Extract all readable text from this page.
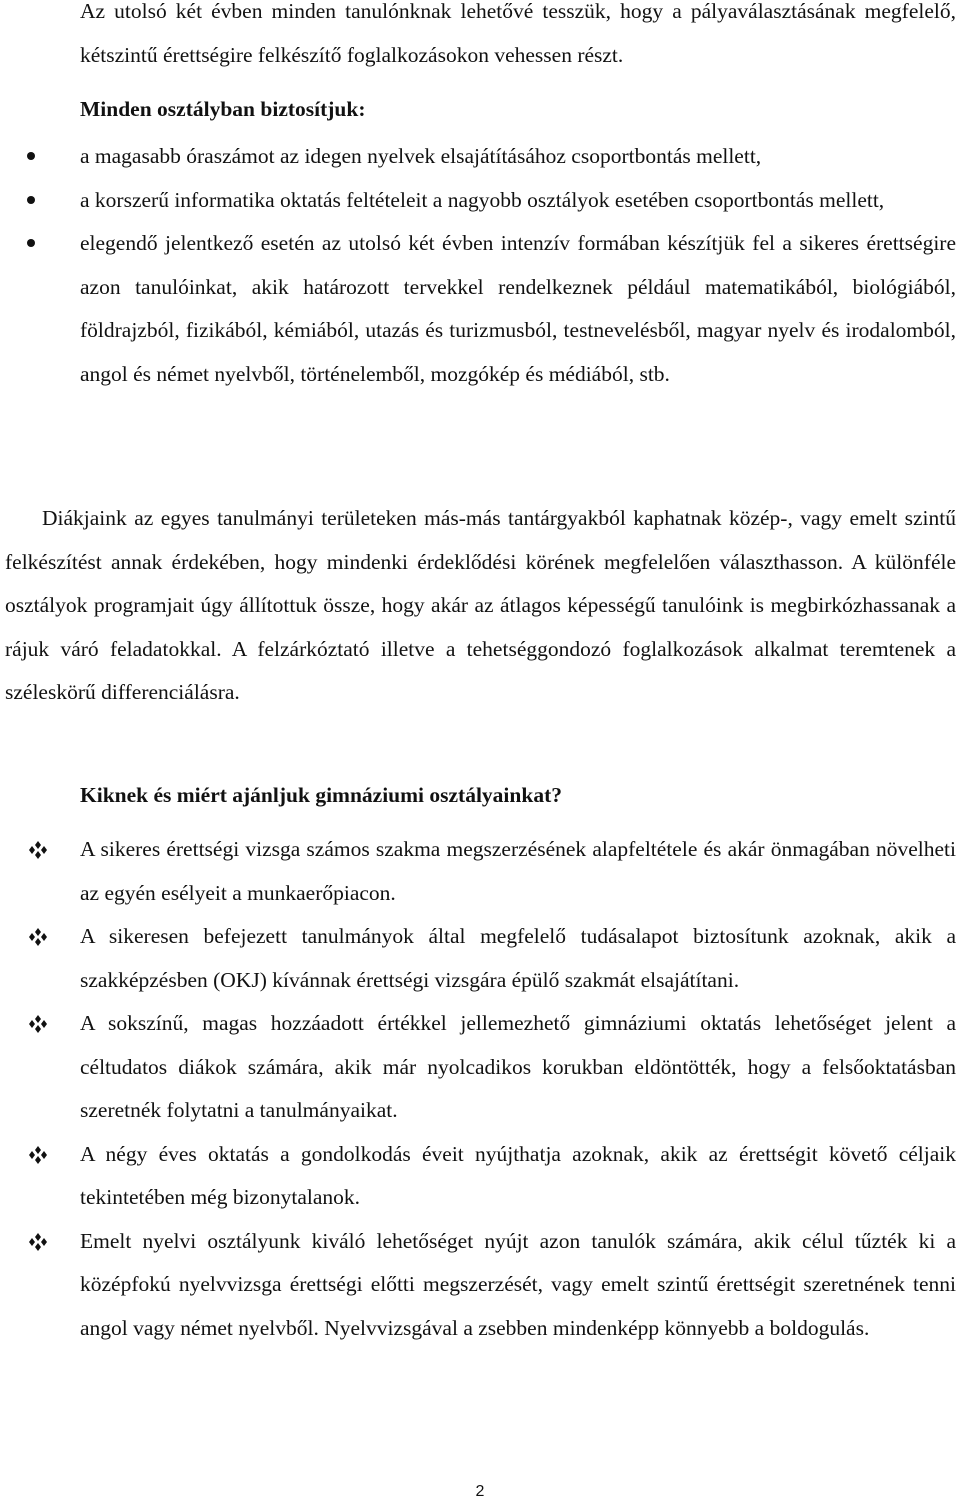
Az utolsó két évben minden tanulónknak lehetővé tesszük, hogy a pályaválasztásának megfelelő, kétszintű érettségire felkészítő foglalkozásokon vehessen részt.

Minden osztályban biztosítjuk:

a magasabb óraszámot az idegen nyelvek elsajátításához csoportbontás mellett,
a korszerű informatika oktatás feltételeit a nagyobb osztályok esetében csoportbontás mellett,
elegendő jelentkező esetén az utolsó két évben intenzív formában készítjük fel a sikeres érettségire azon tanulóinkat, akik határozott tervekkel rendelkeznek például matematikából, biológiából, földrajzból, fizikából, kémiából, utazás és turizmusból, testnevelésből, magyar nyelv és irodalomból, angol és német nyelvből, történelemből, mozgókép és médiából, stb.

Diákjaink az egyes tanulmányi területeken más-más tantárgyakból kaphatnak közép-, vagy emelt szintű felkészítést annak érdekében, hogy mindenki érdeklődési körének megfelelően választhasson. A különféle osztályok programjait úgy állítottuk össze, hogy akár az átlagos képességű tanulóink is megbirkózhassanak a rájuk váró feladatokkal. A felzárkóztató illetve a tehetséggondozó foglalkozások alkalmat teremtenek a széleskörű differenciálásra.

Kiknek és miért ajánljuk gimnáziumi osztályainkat?

A sikeres érettségi vizsga számos szakma megszerzésének alapfeltétele és akár önmagában növelheti az egyén esélyeit a munkaerőpiacon.
A sikeresen befejezett tanulmányok által megfelelő tudásalapot biztosítunk azoknak, akik a szakképzésben (OKJ) kívánnak érettségi vizsgára épülő szakmát elsajátítani.
A sokszínű, magas hozzáadott értékkel jellemezhető gimnáziumi oktatás lehetőséget jelent a céltudatos diákok számára, akik már nyolcadikos korukban eldöntötték, hogy a felsőoktatásban szeretnék folytatni a tanulmányaikat.
A négy éves oktatás a gondolkodás éveit nyújthatja azoknak, akik az érettségit követő céljaik tekintetében még bizonytalanok.
Emelt nyelvi osztályunk kiváló lehetőséget nyújt azon tanulók számára, akik célul tűzték ki a középfokú nyelvvizsga érettségi előtti megszerzését, vagy emelt szintű érettségit szeretnének tenni angol vagy német nyelvből. Nyelvvizsgával a zsebben mindenképp könnyebb a boldogulás.
2
